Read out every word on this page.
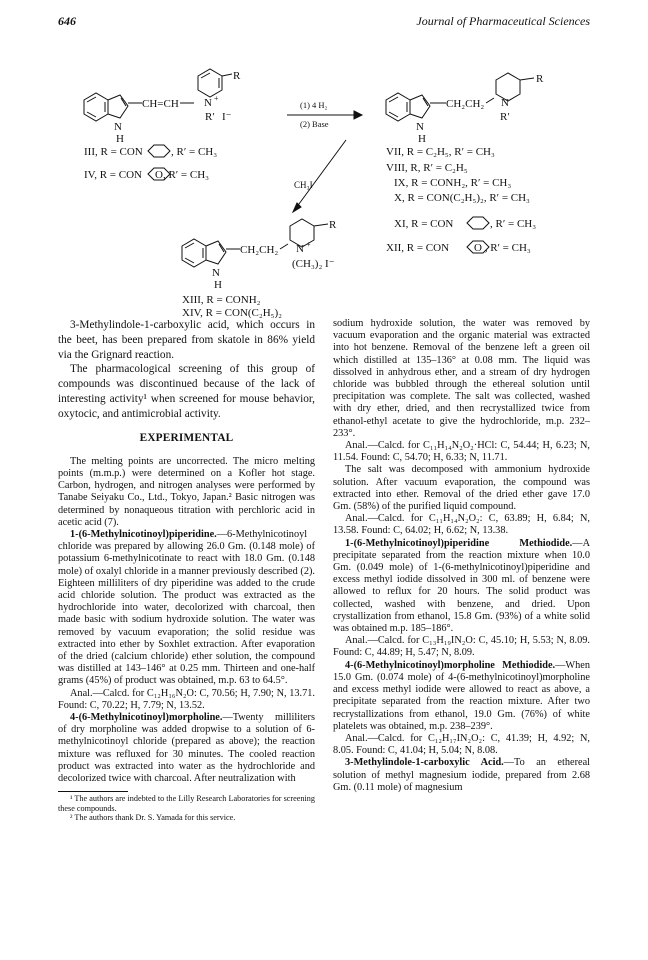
646	Journal of Pharmaceutical Sciences
CH=CH N +
R
R′ I⁻
N
H
(1) 4 H₂
(2) Base
CH₂CH₂ N
R
R′
N
H
CH₃I
CH₂CH₂ N +
R
(CH₃)₂ I⁻
N
H
III, R = CON	, R′ = CH₃
IV, R = CON O, R′ = CH₃
VII, R = C₂H₅, R′ = CH₃
VIII, R, R′ = C₂H₅
IX, R = CONH₂, R′ = CH₃
X, R = CON(C₂H₅)₂, R′ = CH₃
XI, R = CON	, R′ = CH₃
XII, R = CON O , R′ = CH₃
XIII, R = CONH₂
XIV, R = CON(C₂H₅)₂

3-Methylindole-1-carboxylic acid, which occurs in the beet, has been prepared from skatole in 86% yield via the Grignard reaction.

The pharmacological screening of this group of compounds was discontinued because of the lack of interesting activity¹ when screened for mouse behavior, oxytocic, and antimicrobial activity.

EXPERIMENTAL

The melting points are uncorrected. The micro melting points (m.m.p.) were determined on a Kofler hot stage. Carbon, hydrogen, and nitrogen analyses were performed by Tanabe Seiyaku Co., Ltd., Tokyo, Japan.² Basic nitrogen was determined by nonaqueous titration with perchloric acid in acetic acid (7).

1-(6-Methylnicotinoyl)piperidine.—6-Methylnicotinoyl chloride was prepared by allowing 26.0 Gm. (0.148 mole) of potassium 6-methylnicotinate to react with 18.0 Gm. (0.148 mole) of oxalyl chloride in a manner previously described (2). Eighteen milliliters of dry piperidine was added to the crude acid chloride solution. The product was extracted as the hydrochloride into water, decolorized with charcoal, then made basic with sodium hydroxide solution. The water was removed by vacuum evaporation; the solid residue was extracted into ether by Soxhlet extraction. After evaporation of the dried (calcium chloride) ether solution, the compound was distilled at 143–146° at 0.25 mm. Thirteen and one-half grams (45%) of product was obtained, m.p. 63 to 64.5°.

Anal.—Calcd. for C₁₂H₁₆N₂O: C, 70.56; H, 7.90; N, 13.71. Found: C, 70.22; H, 7.79; N, 13.52.

4-(6-Methylnicotinoyl)morpholine.—Twenty milliliters of dry morpholine was added dropwise to a solution of 6-methylnicotinoyl chloride (prepared as above); the reaction mixture was refluxed for 30 minutes. The cooled reaction product was extracted into water as the hydrochloride and decolorized twice with charcoal. After neutralization with

¹ The authors are indebted to the Lilly Research Laboratories for screening these compounds.

² The authors thank Dr. S. Yamada for this service.

sodium hydroxide solution, the water was removed by vacuum evaporation and the organic material was extracted into hot benzene. Removal of the benzene left a green oil which distilled at 135–136° at 0.08 mm. The liquid was dissolved in anhydrous ether, and a stream of dry hydrogen chloride was bubbled through the ethereal solution until precipitation was complete. The salt was collected, washed with dry ether, dried, and then recrystallized twice from ethanol-ethyl acetate to give the hydrochloride, m.p. 232–233°.

Anal.—Calcd. for C₁₁H₁₄N₂O₂·HCl: C, 54.44; H, 6.23; N, 11.54. Found: C, 54.70; H, 6.33; N, 11.71.

The salt was decomposed with ammonium hydroxide solution. After vacuum evaporation, the compound was extracted into ether. Removal of the dried ether gave 17.0 Gm. (58%) of the purified liquid compound.

Anal.—Calcd. for C₁₁H₁₄N₂O₂: C, 63.89; H, 6.84; N, 13.58. Found: C, 64.02; H, 6.62; N, 13.38.

1-(6-Methylnicotinoyl)piperidine Methiodide.—A precipitate separated from the reaction mixture when 10.0 Gm. (0.049 mole) of 1-(6-methylnicotinoyl)piperidine and excess methyl iodide dissolved in 300 ml. of benzene were allowed to reflux for 20 hours. The solid product was collected, washed with benzene, and dried. Upon crystallization from ethanol, 15.8 Gm. (93%) of a white solid was obtained m.p. 185–186°.

Anal.—Calcd. for C₁₃H₁₉IN₂O: C, 45.10; H, 5.53; N, 8.09. Found: C, 44.89; H, 5.47; N, 8.09.

4-(6-Methylnicotinoyl)morpholine Methiodide.—When 15.0 Gm. (0.074 mole) of 4-(6-methylnicotinoyl)morpholine and excess methyl iodide were allowed to react as above, a precipitate separated from the reaction mixture. After two recrystallizations from ethanol, 19.0 Gm. (76%) of white platelets was obtained, m.p. 238–239°.

Anal.—Calcd. for C₁₂H₁₇IN₂O₂: C, 41.39; H, 4.92; N, 8.05. Found: C, 41.04; H, 5.04; N, 8.08.

3-Methylindole-1-carboxylic Acid.—To an ethereal solution of methyl magnesium iodide, prepared from 2.68 Gm. (0.11 mole) of magnesium
